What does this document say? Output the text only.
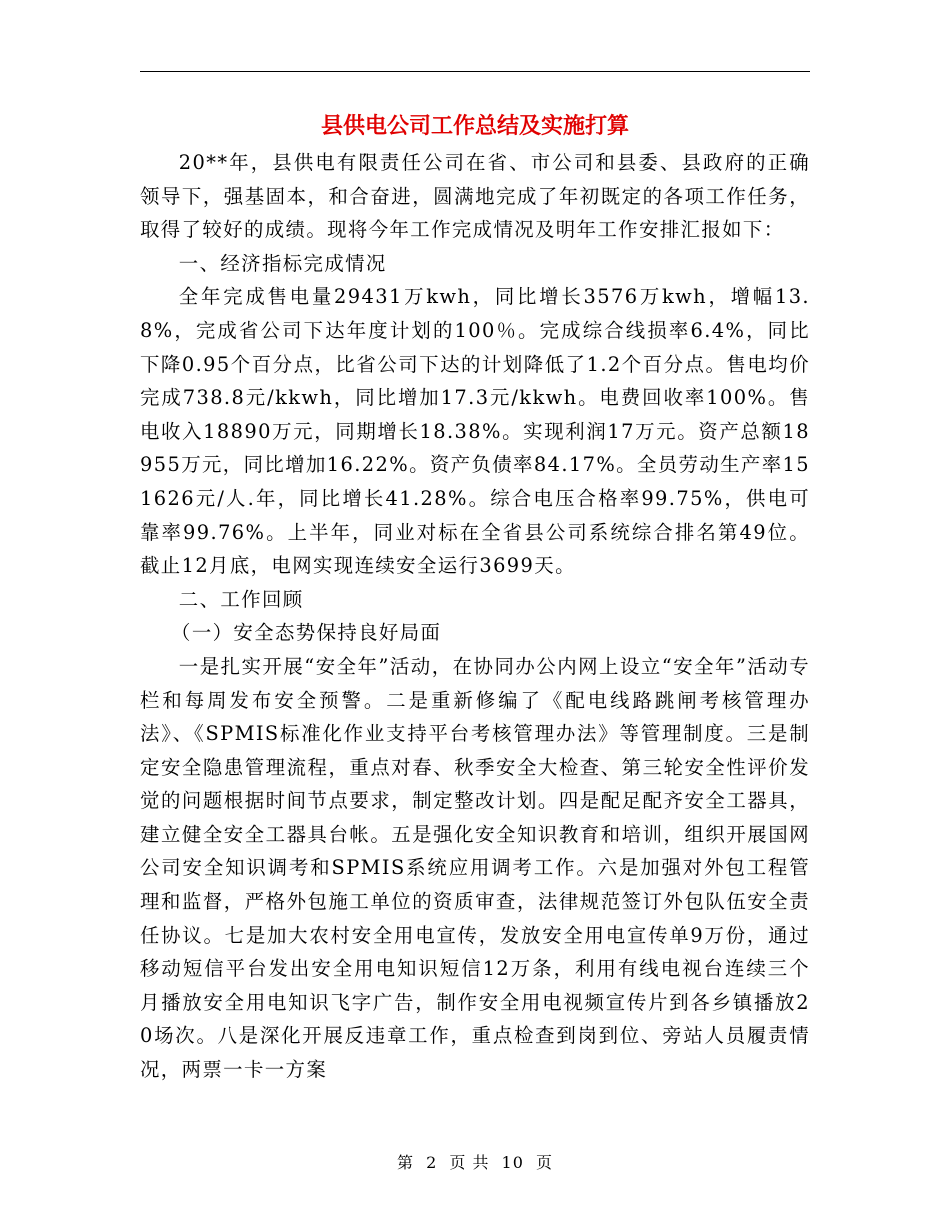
县供电公司工作总结及实施打算

20**年，县供电有限责任公司在省、市公司和县委、县政府的正确领导下，强基固本，和合奋进，圆满地完成了年初既定的各项工作任务，取得了较好的成绩。现将今年工作完成情况及明年工作安排汇报如下：

一、经济指标完成情况

全年完成售电量29431万kwh，同比增长3576万kwh，增幅13.8%，完成省公司下达年度计划的100％。完成综合线损率6.4%，同比下降0.95个百分点，比省公司下达的计划降低了1.2个百分点。售电均价完成738.8元/kkwh，同比增加17.3元/kkwh。电费回收率100%。售电收入18890万元，同期增长18.38%。实现利润17万元。资产总额18955万元，同比增加16.22%。资产负债率84.17%。全员劳动生产率151626元/人.年，同比增长41.28%。综合电压合格率99.75%，供电可靠率99.76%。上半年，同业对标在全省县公司系统综合排名第49位。截止12月底，电网实现连续安全运行3699天。

二、工作回顾

（一）安全态势保持良好局面

一是扎实开展“安全年”活动，在协同办公内网上设立“安全年”活动专栏和每周发布安全预警。二是重新修编了《配电线路跳闸考核管理办法》、《SPMIS标准化作业支持平台考核管理办法》等管理制度。三是制定安全隐患管理流程，重点对春、秋季安全大检查、第三轮安全性评价发觉的问题根据时间节点要求，制定整改计划。四是配足配齐安全工器具，建立健全安全工器具台帐。五是强化安全知识教育和培训，组织开展国网公司安全知识调考和SPMIS系统应用调考工作。六是加强对外包工程管理和监督，严格外包施工单位的资质审查，法律规范签订外包队伍安全责任协议。七是加大农村安全用电宣传，发放安全用电宣传单9万份，通过移动短信平台发出安全用电知识短信12万条，利用有线电视台连续三个月播放安全用电知识飞字广告，制作安全用电视频宣传片到各乡镇播放20场次。八是深化开展反违章工作，重点检查到岗到位、旁站人员履责情况，两票一卡一方案

第 2 页 共 10 页
